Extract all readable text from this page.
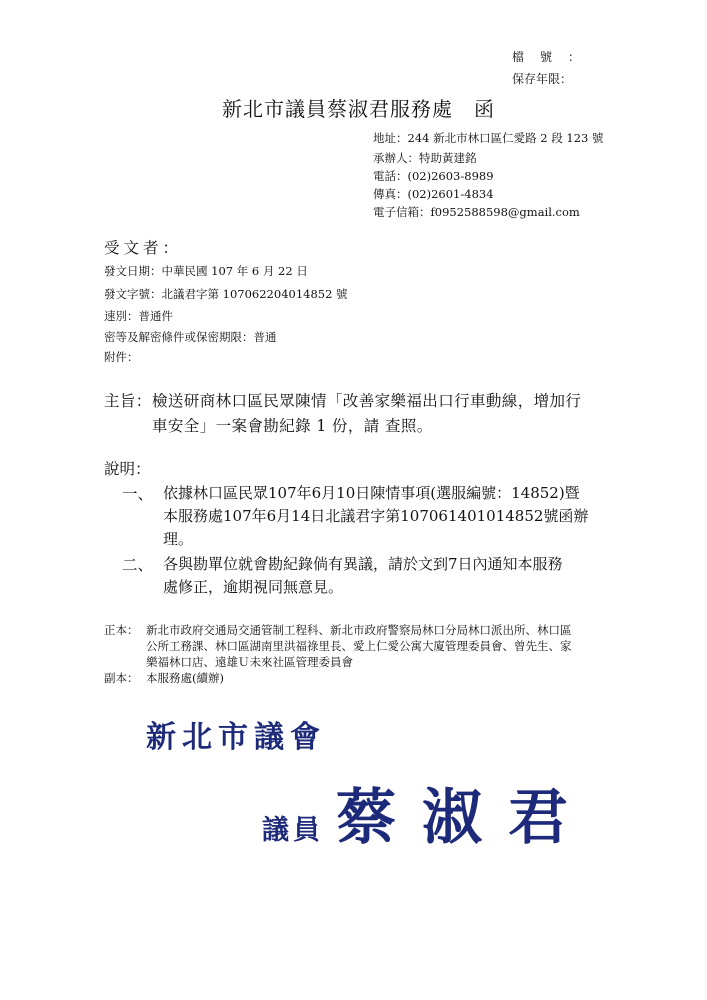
檔號：
保存年限：
新北市議員蔡淑君服務處　函
地址：244 新北市林口區仁愛路 2 段 123 號
承辦人：特助黃建銘
電話：(02)2603-8989
傳真：(02)2601-4834
電子信箱：f0952588598@gmail.com
受文者：
發文日期：中華民國 107 年 6 月 22 日
發文字號：北議君字第 107062204014852 號
速別：普通件
密等及解密條件或保密期限：普通
附件：
主旨： 檢送研商林口區民眾陳情「改善家樂福出口行車動線，增加行
車安全」一案會勘紀錄 1 份，請 查照。
說明：
一、 依據林口區民眾107年6月10日陳情事項(選服編號：14852)暨
本服務處107年6月14日北議君字第107061401014852號函辦
理。
二、 各與勘單位就會勘紀錄倘有異議，請於文到7日內通知本服務
處修正，逾期視同無意見。
正本： 新北市政府交通局交通管制工程科、新北市政府警察局林口分局林口派出所、林口區
公所工務課、林口區湖南里洪福祿里長、愛上仁愛公寓大廈管理委員會、曾先生、家
樂福林口店、遠雄Ｕ未來社區管理委員會
副本： 本服務處(續辦)
新北市議會
議員 蔡淑君
